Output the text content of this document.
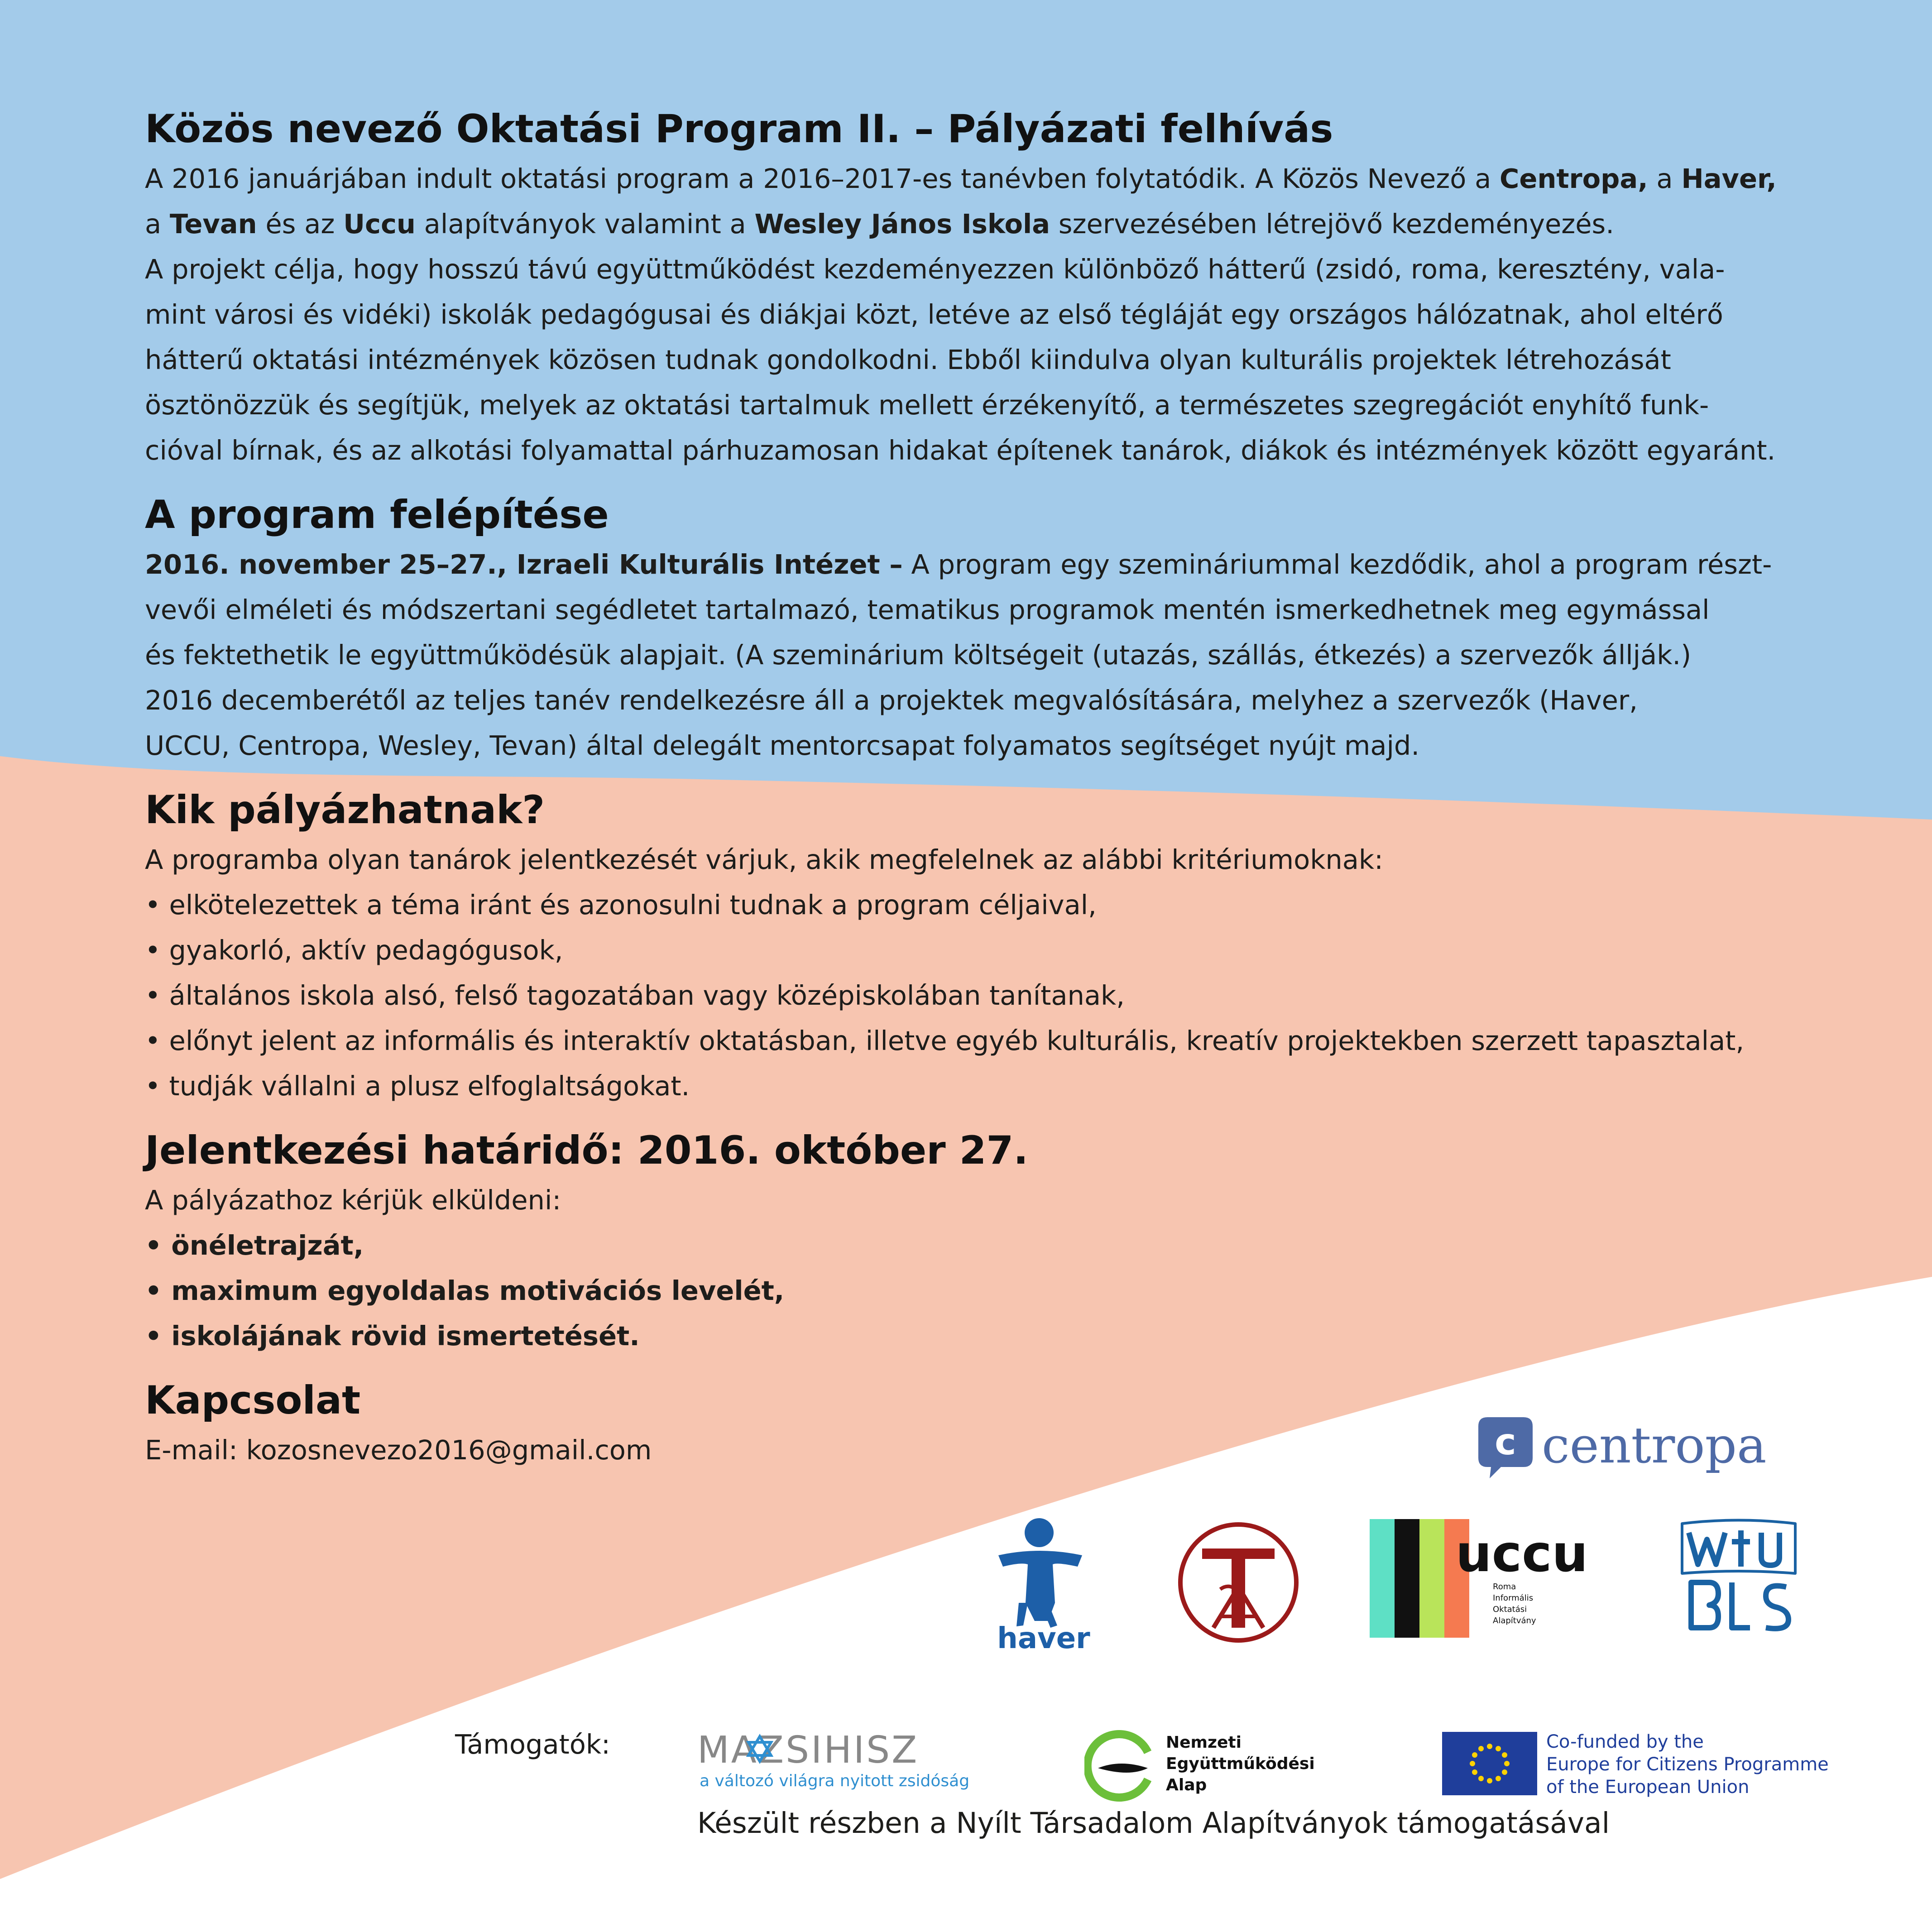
Közös nevező Oktatási Program II. – Pályázati felhívás

A 2016 januárjában indult oktatási program a 2016–2017-es tanévben folytatódik. A Közös Nevező a Centropa, a Haver,
a Tevan és az Uccu alapítványok valamint a Wesley János Iskola szervezésében létrejövő kezdeményezés.

A projekt célja, hogy hosszú távú együttműködést kezdeményezzen különböző hátterű (zsidó, roma, keresztény, vala-
mint városi és vidéki) iskolák pedagógusai és diákjai közt, letéve az első tégláját egy országos hálózatnak, ahol eltérő
hátterű oktatási intézmények közösen tudnak gondolkodni. Ebből kiindulva olyan kulturális projektek létrehozását
ösztönözzük és segítjük, melyek az oktatási tartalmuk mellett érzékenyítő, a természetes szegregációt enyhítő funk-
cióval bírnak, és az alkotási folyamattal párhuzamosan hidakat építenek tanárok, diákok és intézmények között egyaránt.

A program felépítése

2016. november 25–27., Izraeli Kulturális Intézet – A program egy szemináriummal kezdődik, ahol a program részt-
vevői elméleti és módszertani segédletet tartalmazó, tematikus programok mentén ismerkedhetnek meg egymással
és fektethetik le együttműködésük alapjait. (A szeminárium költségeit (utazás, szállás, étkezés) a szervezők állják.)
2016 decemberétől az teljes tanév rendelkezésre áll a projektek megvalósítására, melyhez a szervezők (Haver,
UCCU, Centropa, Wesley, Tevan) által delegált mentorcsapat folyamatos segítséget nyújt majd.

Kik pályázhatnak?

A programba olyan tanárok jelentkezését várjuk, akik megfelelnek az alábbi kritériumoknak:

• elkötelezettek a téma iránt és azonosulni tudnak a program céljaival,
• gyakorló, aktív pedagógusok,
• általános iskola alsó, felső tagozatában vagy középiskolában tanítanak,
• előnyt jelent az informális és interaktív oktatásban, illetve egyéb kulturális, kreatív projektekben szerzett tapasztalat,
• tudják vállalni a plusz elfoglaltságokat.
Jelentkezési határidő: 2016. október 27.

A pályázathoz kérjük elküldeni:

• önéletrajzát,
• maximum egyoldalas motivációs levelét,
• iskolájának rövid ismertetését.
Kapcsolat

E-mail: kozosnevezo2016@gmail.com	c centropa
haver
uccu
Roma
Informális
Oktatási
Alapítvány
Támogatók: MAZSIHISZ
a változó világra nyitott zsidóság
Nemzeti
Együttműködési
Alap
Co-funded by the
Europe for Citizens Programme
of the European Union
Készült részben a Nyílt Társadalom Alapítványok támogatásával
